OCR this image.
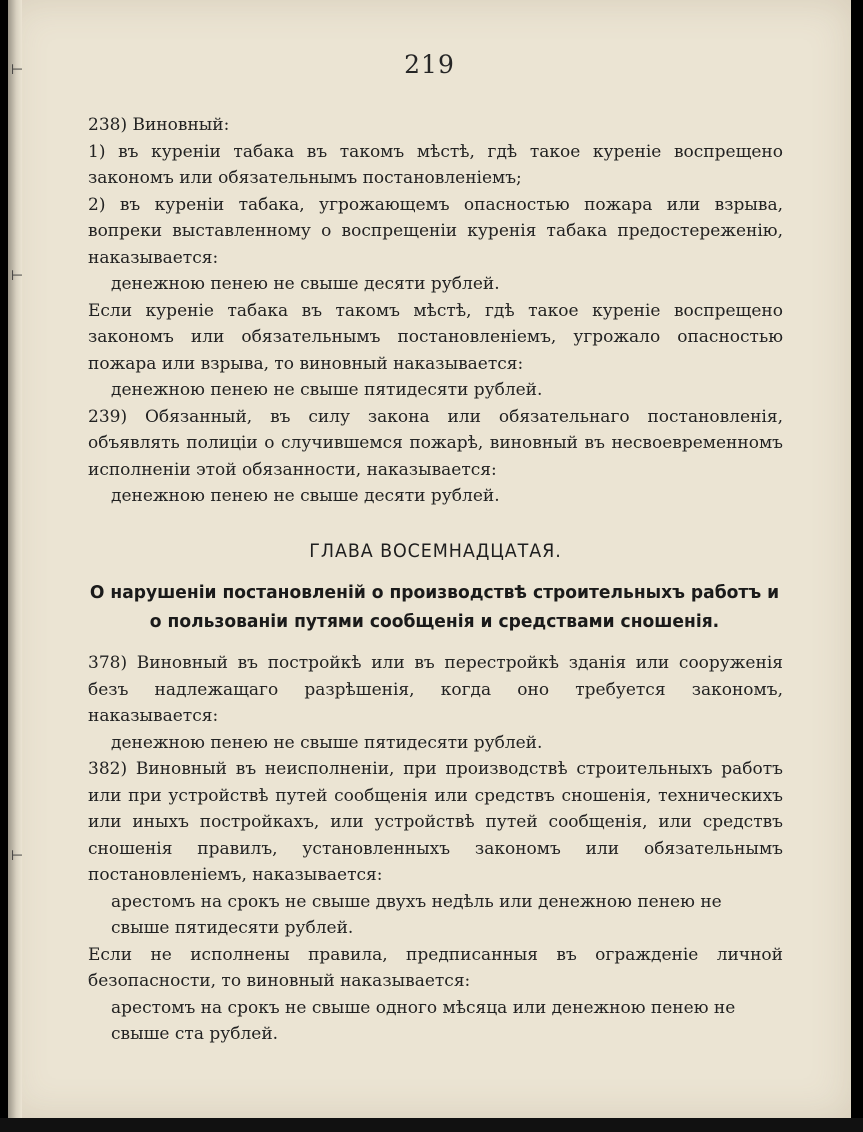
⊢
⊢
⊢
219

238) Виновный:

1) въ куреніи табака въ такомъ мѣстѣ, гдѣ такое куреніе воспрещено закономъ или обязательнымъ постановленіемъ;

2) въ куреніи табака, угрожающемъ опасностью пожара или взрыва, вопреки выставленному о воспрещеніи куренія табака предостереженію, наказывается:

денежною пенею не свыше десяти рублей.

Если куреніе табака въ такомъ мѣстѣ, гдѣ такое куреніе воспрещено закономъ или обязательнымъ постановленіемъ, угрожало опасностью пожара или взрыва, то виновный наказывается:

денежною пенею не свыше пятидесяти рублей.

239) Обязанный, въ силу закона или обязательнаго постановленія, объявлять полиціи о случившемся пожарѣ, виновный въ несвоевременномъ исполненіи этой обязанности, наказывается:

денежною пенею не свыше десяти рублей.

ГЛАВА ВОСЕМНАДЦАТАЯ.
О нарушеніи постановленій о производствѣ строительныхъ работъ и о пользованіи путями сообщенія и средствами сношенія.

378) Виновный въ постройкѣ или въ перестройкѣ зданія или сооруженія безъ надлежащаго разрѣшенія, когда оно требуется закономъ, наказывается:

денежною пенею не свыше пятидесяти рублей.

382) Виновный въ неисполненіи, при производствѣ строительныхъ работъ или при устройствѣ путей сообщенія или средствъ сношенія, техническихъ или иныхъ постройкахъ, или устройствѣ путей сообщенія, или средствъ сношенія правилъ, установленныхъ закономъ или обязательнымъ постановленіемъ, наказывается:

арестомъ на срокъ не свыше двухъ недѣль или денежною пенею не свыше пятидесяти рублей.

Если не исполнены правила, предписанныя въ огражденіе личной безопасности, то виновный наказывается:

арестомъ на срокъ не свыше одного мѣсяца или денежною пенею не свыше ста рублей.
